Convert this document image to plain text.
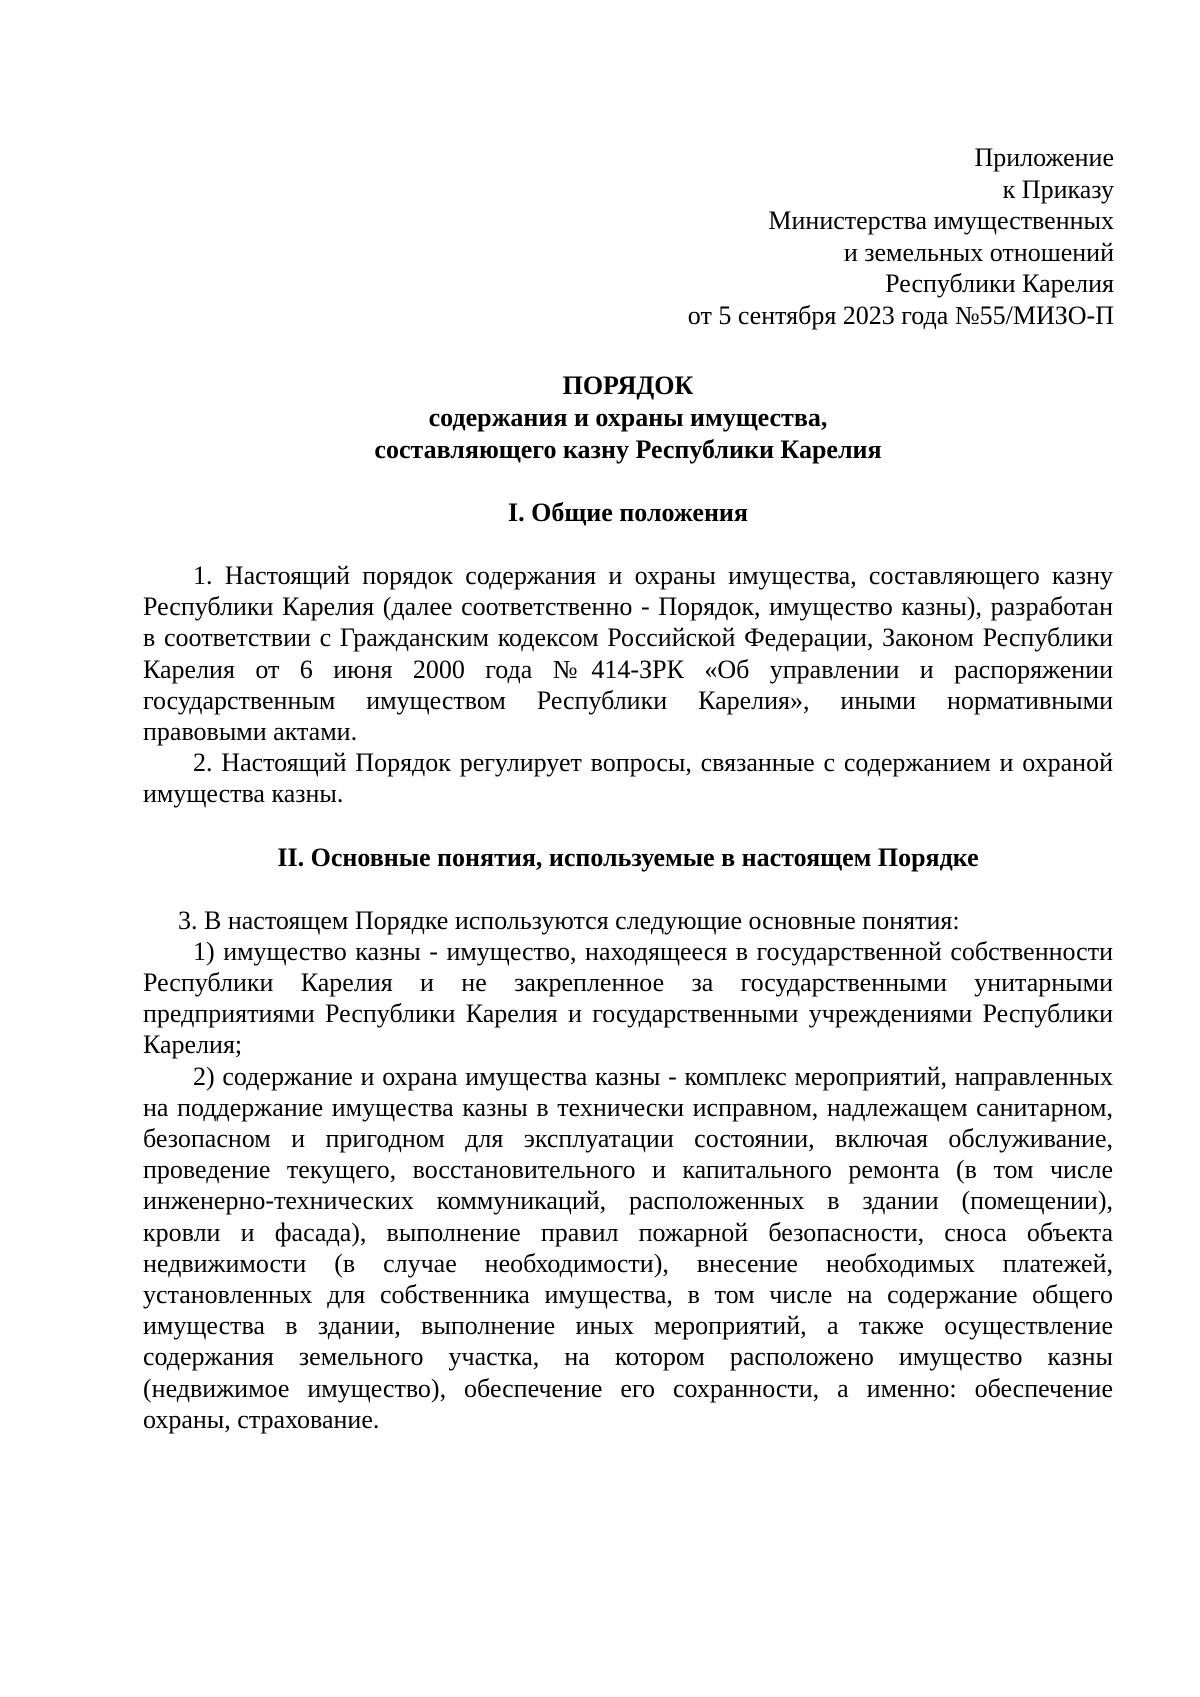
Приложение
к Приказу
Министерства имущественных
и земельных отношений
Республики Карелия
от 5 сентября 2023 года №55/МИЗО-П
ПОРЯДОК
содержания и охраны имущества,
составляющего казну Республики Карелия
I. Общие положения

1. Настоящий порядок содержания и охраны имущества, составляющего казну Республики Карелия (далее соответственно - Порядок, имущество казны), разработан в соответствии с Гражданским кодексом Российской Федерации, Законом Республики Карелия от 6 июня 2000 года №414-ЗРК «Об управлении и распоряжении государственным имуществом Республики Карелия», иными нормативными правовыми актами.

2. Настоящий Порядок регулирует вопросы, связанные с содержанием и охраной имущества казны.

II. Основные понятия, используемые в настоящем Порядке

3. В настоящем Порядке используются следующие основные понятия:

1) имущество казны - имущество, находящееся в государственной собственности Республики Карелия и не закрепленное за государственными унитарными предприятиями Республики Карелия и государственными учреждениями Республики Карелия;

2) содержание и охрана имущества казны - комплекс мероприятий, направленных на поддержание имущества казны в технически исправном, надлежащем санитарном, безопасном и пригодном для эксплуатации состоянии, включая обслуживание, проведение текущего, восстановительного и капитального ремонта (в том числе инженерно-технических коммуникаций, расположенных в здании (помещении), кровли и фасада), выполнение правил пожарной безопасности, сноса объекта недвижимости (в случае необходимости), внесение необходимых платежей, установленных для собственника имущества, в том числе на содержание общего имущества в здании, выполнение иных мероприятий, а также осуществление содержания земельного участка, на котором расположено имущество казны (недвижимое имущество), обеспечение его сохранности, а именно: обеспечение охраны, страхование.
